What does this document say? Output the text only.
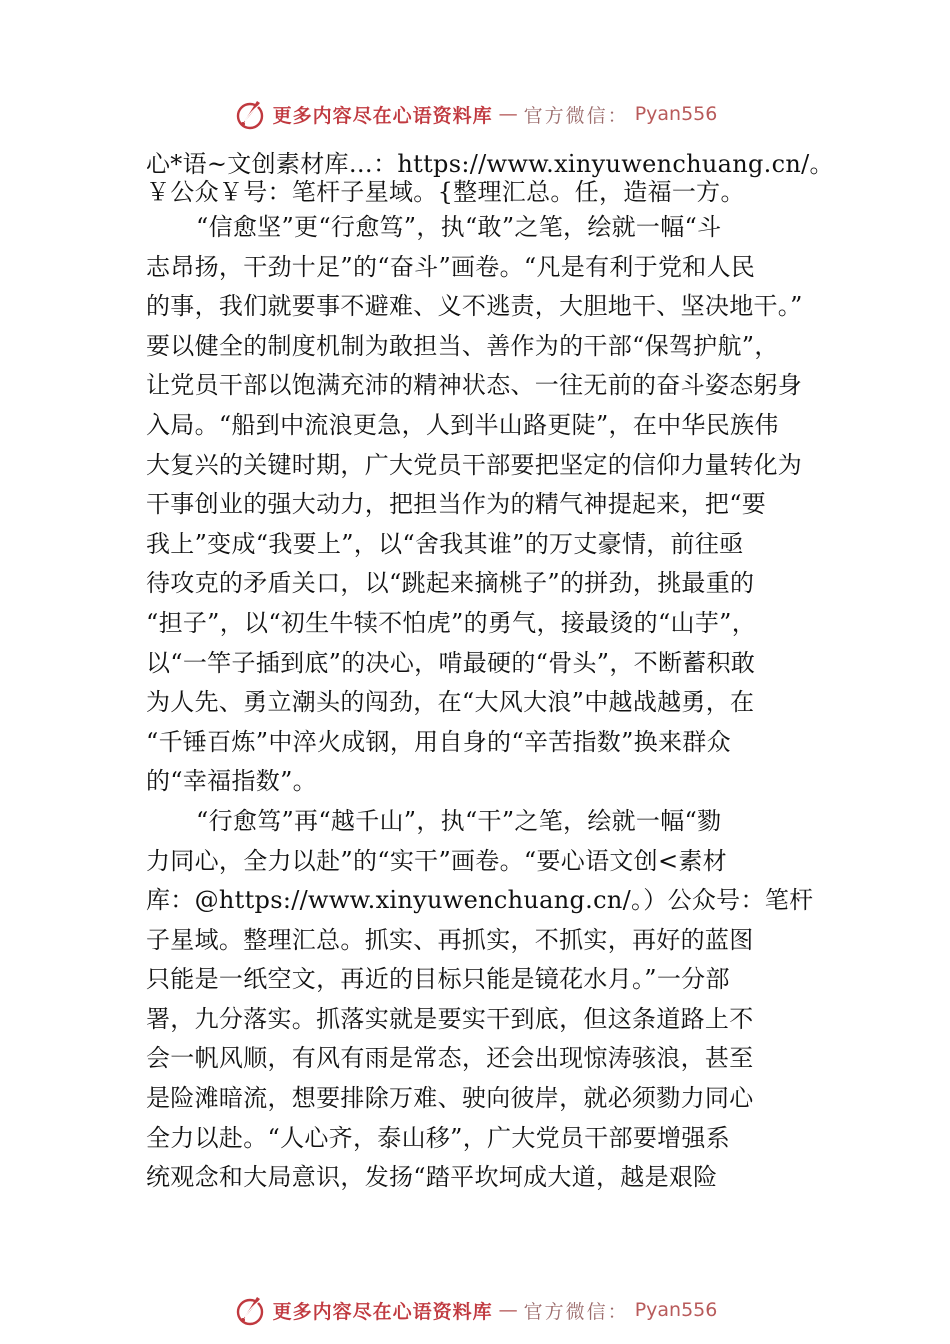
更多内容尽在心语资料库 — 官方微信： Pyan556
心*语~文创素材库…：https://www.xinyuwenchuang.cn/。
￥公众￥号：笔杆子星域。{整理汇总。任，造福一方。
“信愈坚”更“行愈笃”，执“敢”之笔，绘就一幅“斗
志昂扬，干劲十足”的“奋斗”画卷。“凡是有利于党和人民
的事，我们就要事不避难、义不逃责，大胆地干、坚决地干。”
要以健全的制度机制为敢担当、善作为的干部“保驾护航”，
让党员干部以饱满充沛的精神状态、一往无前的奋斗姿态躬身
入局。“船到中流浪更急，人到半山路更陡”，在中华民族伟
大复兴的关键时期，广大党员干部要把坚定的信仰力量转化为
干事创业的强大动力，把担当作为的精气神提起来，把“要
我上”变成“我要上”，以“舍我其谁”的万丈豪情，前往亟
待攻克的矛盾关口，以“跳起来摘桃子”的拼劲，挑最重的
“担子”，以“初生牛犊不怕虎”的勇气，接最烫的“山芋”，
以“一竿子插到底”的决心，啃最硬的“骨头”，不断蓄积敢
为人先、勇立潮头的闯劲，在“大风大浪”中越战越勇，在
“千锤百炼”中淬火成钢，用自身的“辛苦指数”换来群众
的“幸福指数”。
“行愈笃”再“越千山”，执“干”之笔，绘就一幅“勠
力同心，全力以赴”的“实干”画卷。“要心语文创<素材
库：@https://www.xinyuwenchuang.cn/。）公众号：笔杆
子星域。整理汇总。抓实、再抓实，不抓实，再好的蓝图
只能是一纸空文，再近的目标只能是镜花水月。”一分部
署，九分落实。抓落实就是要实干到底，但这条道路上不
会一帆风顺，有风有雨是常态，还会出现惊涛骇浪，甚至
是险滩暗流，想要排除万难、驶向彼岸，就必须勠力同心
全力以赴。“人心齐，泰山移”，广大党员干部要增强系
统观念和大局意识，发扬“踏平坎坷成大道，越是艰险
更多内容尽在心语资料库 — 官方微信： Pyan556
